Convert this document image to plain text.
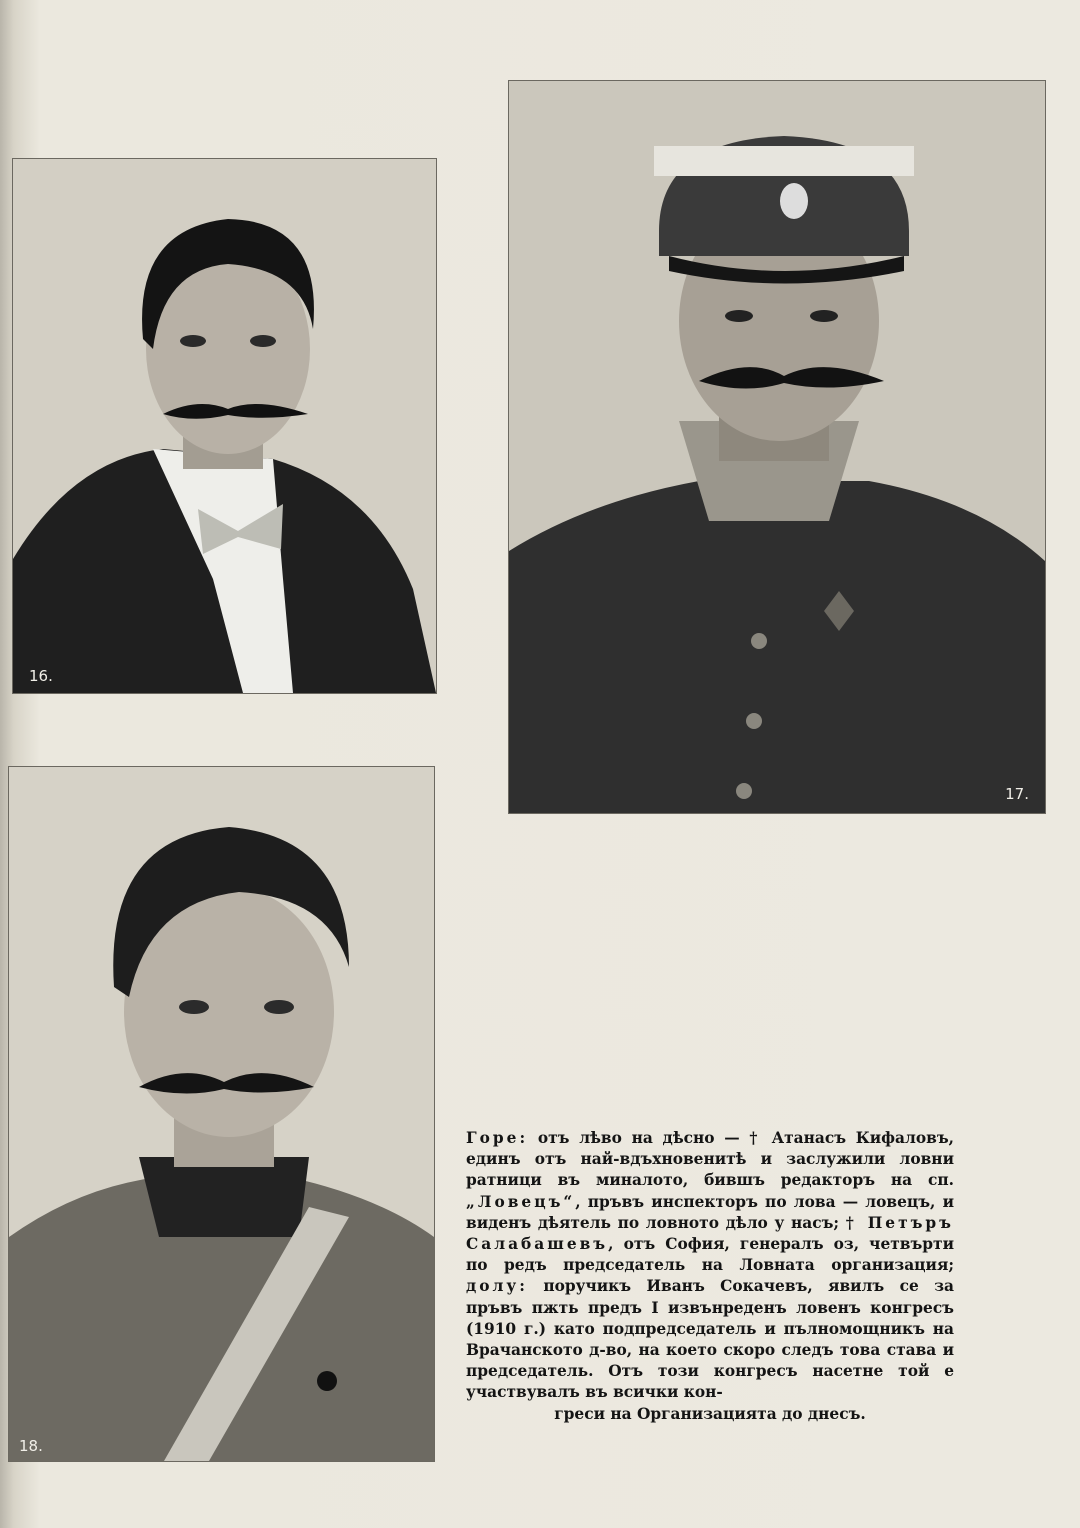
16.
17.
18.

Горе: отъ лѣво на дѣсно — † Атанасъ Кифаловъ, единъ отъ най-вдъхновенитѣ и заслужили ловни ратници въ миналото, бившъ редакторъ на сп. „Ловецъ“, пръвъ инспекторъ по лова — ловецъ, и виденъ дѣятель по ловното дѣло у насъ; † Петъръ Салабашевъ, отъ София, генералъ оз, четвърти по редъ председатель на Ловната организация; долу: поручикъ Иванъ Сокачевъ, явилъ се за пръвъ пжть предъ I извънреденъ ловенъ конгресъ (1910 г.) като подпредседатель и пълномощникъ на Врачанското д-во, на което скоро следъ това става и председатель. Отъ този конгресъ насетне той е участвувалъ въ всички кон-
греси на Организацията до днесъ.
